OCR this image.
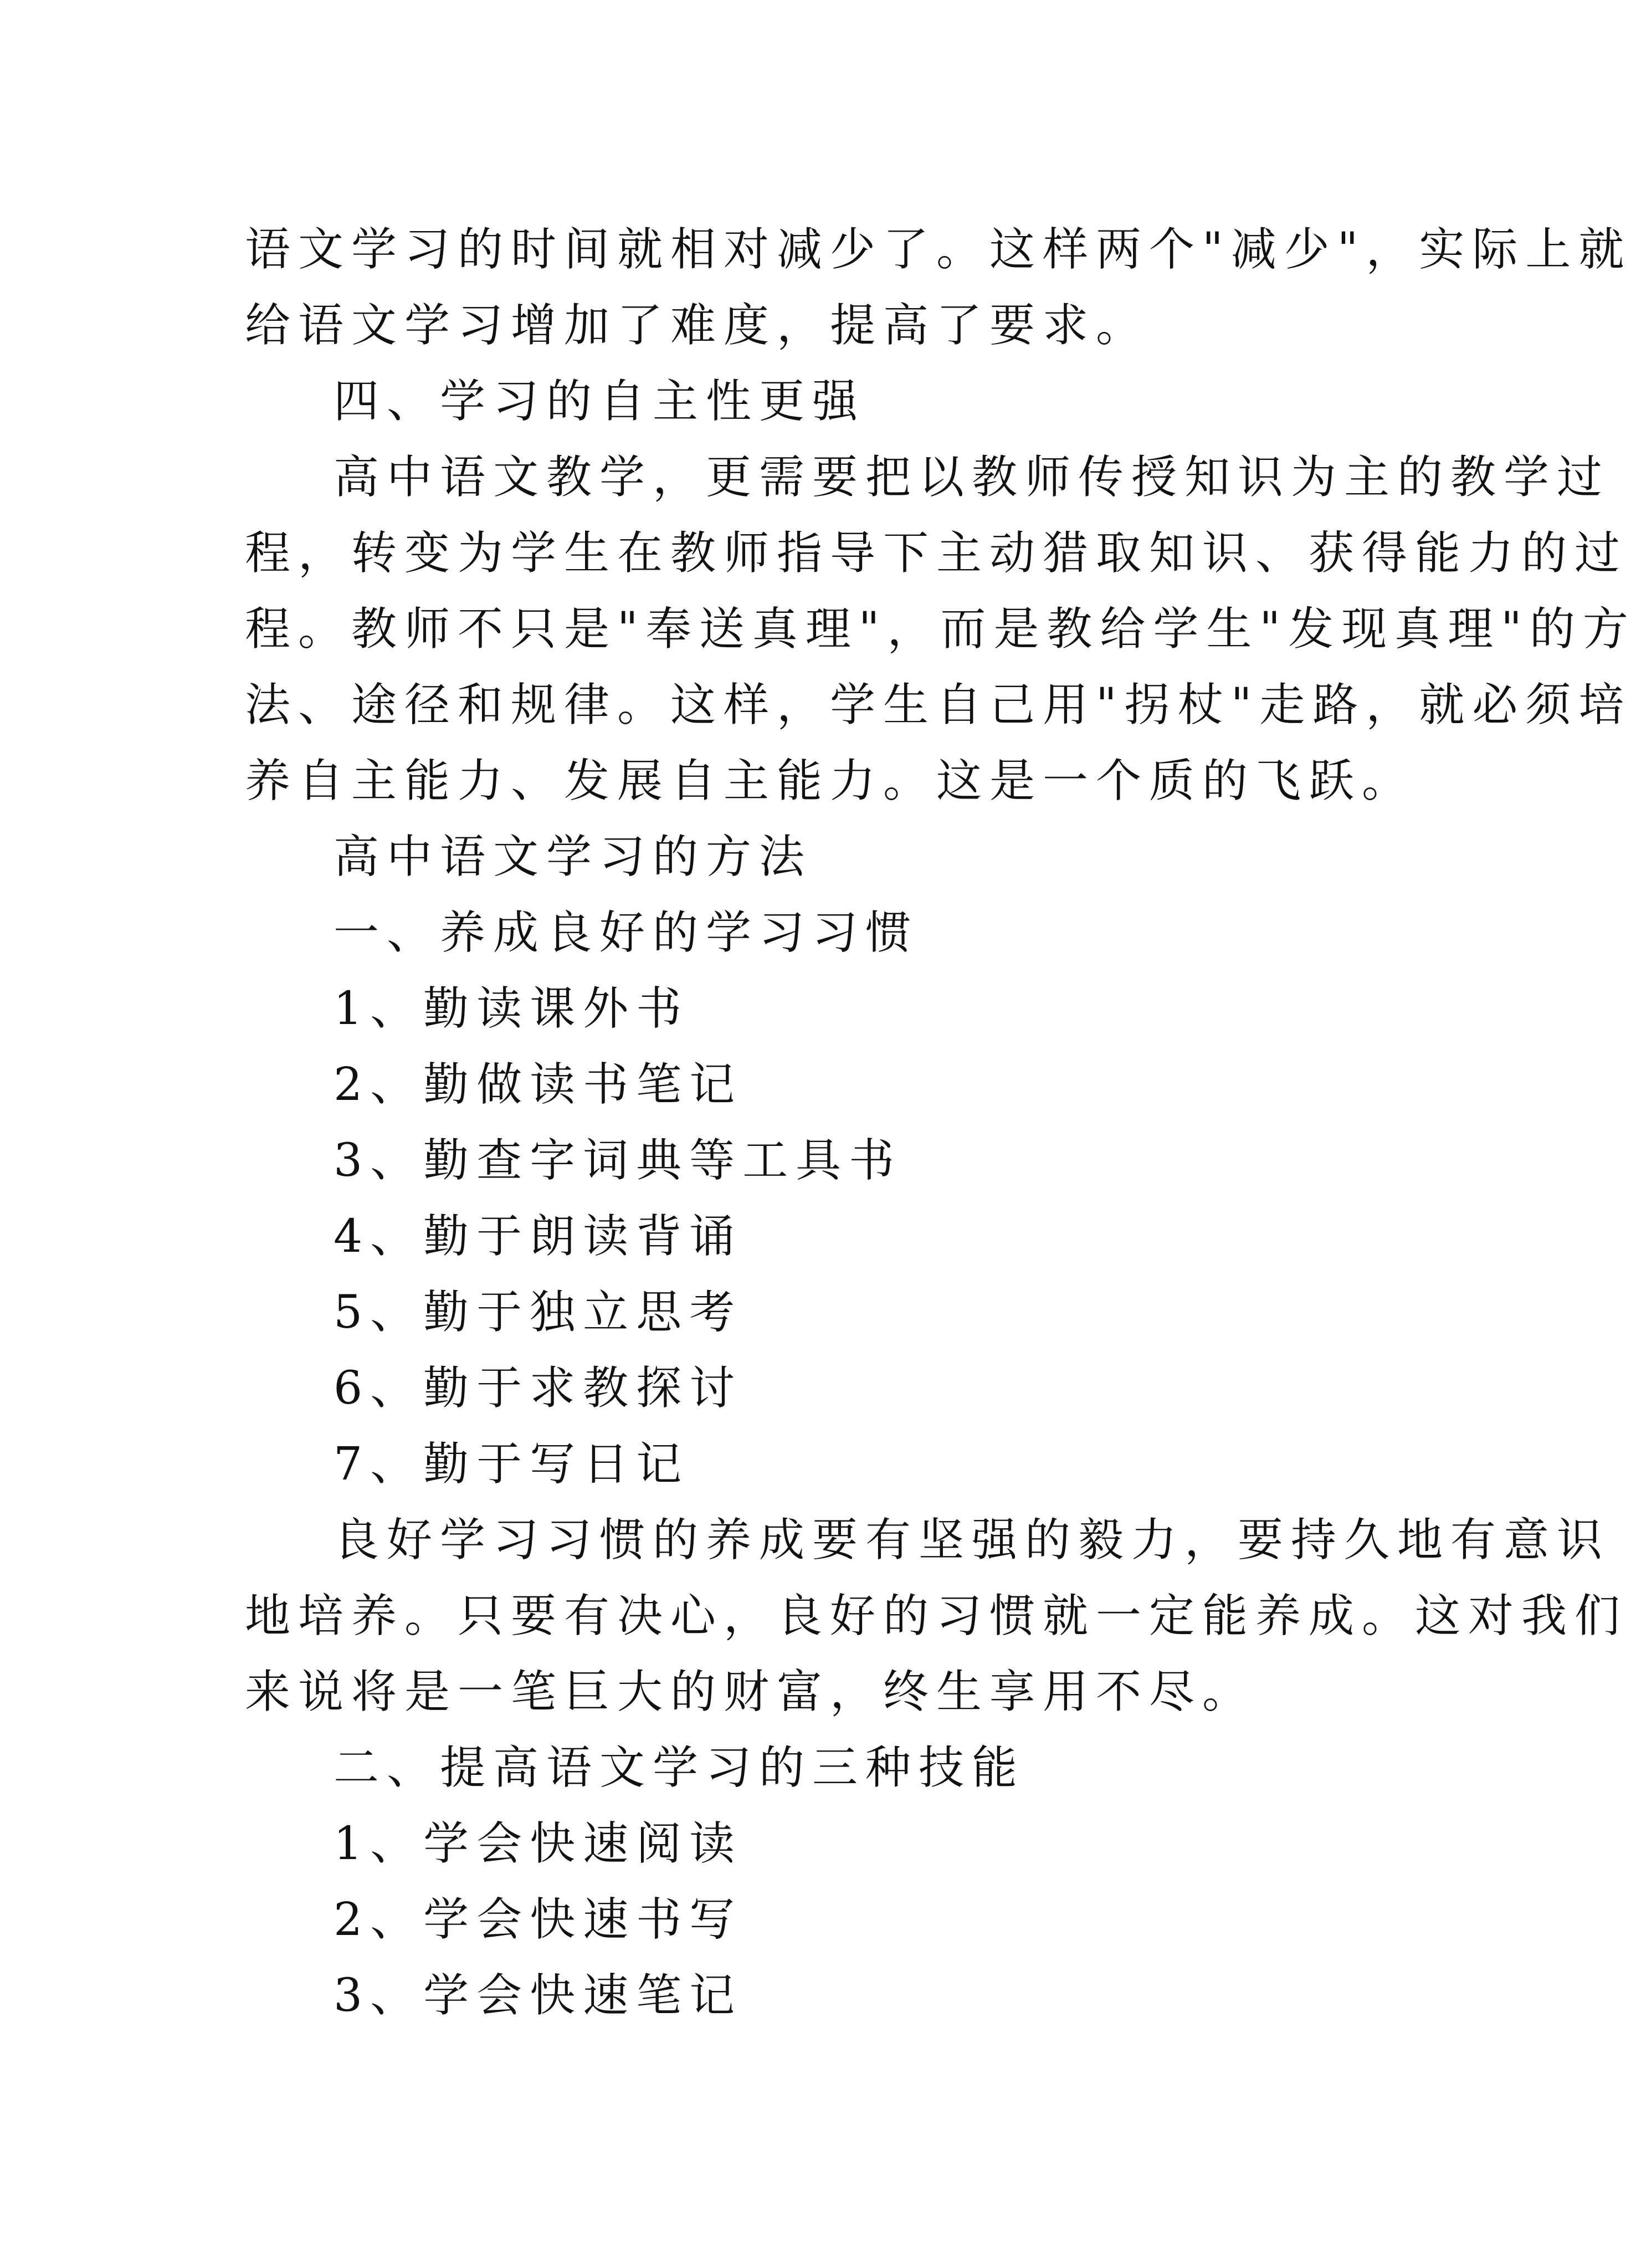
语文学习的时间就相对减少了。这样两个"减少"，实际上就
给语文学习增加了难度，提高了要求。
四、学习的自主性更强
高中语文教学，更需要把以教师传授知识为主的教学过
程，转变为学生在教师指导下主动猎取知识、获得能力的过
程。教师不只是"奉送真理"，而是教给学生"发现真理"的方
法、途径和规律。这样，学生自己用"拐杖"走路，就必须培
养自主能力、发展自主能力。这是一个质的飞跃。
高中语文学习的方法
一、养成良好的学习习惯
1、勤读课外书
2、勤做读书笔记
3、勤查字词典等工具书
4、勤于朗读背诵
5、勤于独立思考
6、勤于求教探讨
7、勤于写日记
良好学习习惯的养成要有坚强的毅力，要持久地有意识
地培养。只要有决心，良好的习惯就一定能养成。这对我们
来说将是一笔巨大的财富，终生享用不尽。
二、提高语文学习的三种技能
1、学会快速阅读
2、学会快速书写
3、学会快速笔记
